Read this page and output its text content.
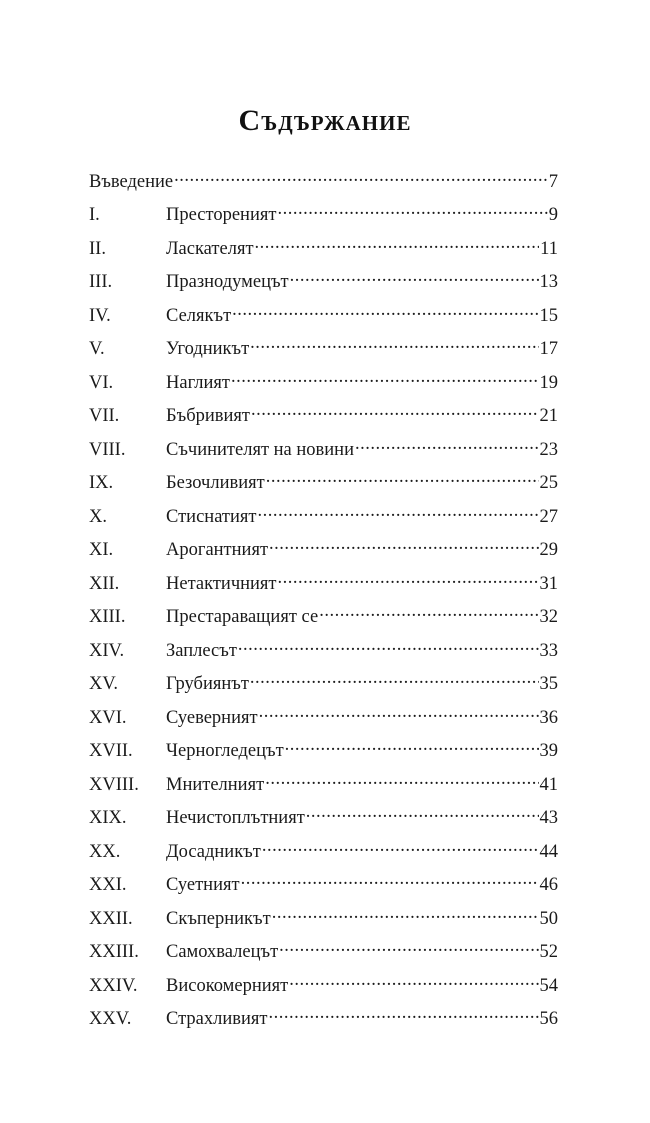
Съдържание
Въведение .....	7
I.	Престореният .....	9
II.	Ласкателят .....	11
III.	Празнодумецът .....	13
IV.	Селякът .....	15
V.	Угодникът .....	17
VI.	Наглият .....	19
VII.	Бъбривият .....	21
VIII.	Съчинителят на новини .....	23
IX.	Безочливият .....	25
X.	Стиснатият .....	27
XI.	Арогантният .....	29
XII.	Нетактичният .....	31
XIII.	Престараващият се .....	32
XIV.	Заплесът .....	33
XV.	Грубиянът .....	35
XVI.	Суеверният .....	36
XVII.	Черногледецът .....	39
XVIII.	Мнителният .....	41
XIX.	Нечистоплътният .....	43
XX.	Досадникът .....	44
XXI.	Суетният .....	46
XXII.	Скъперникът .....	50
XXIII.	Самохвалецът .....	52
XXIV.	Високомерният .....	54
XXV.	Страхливият .....	56
